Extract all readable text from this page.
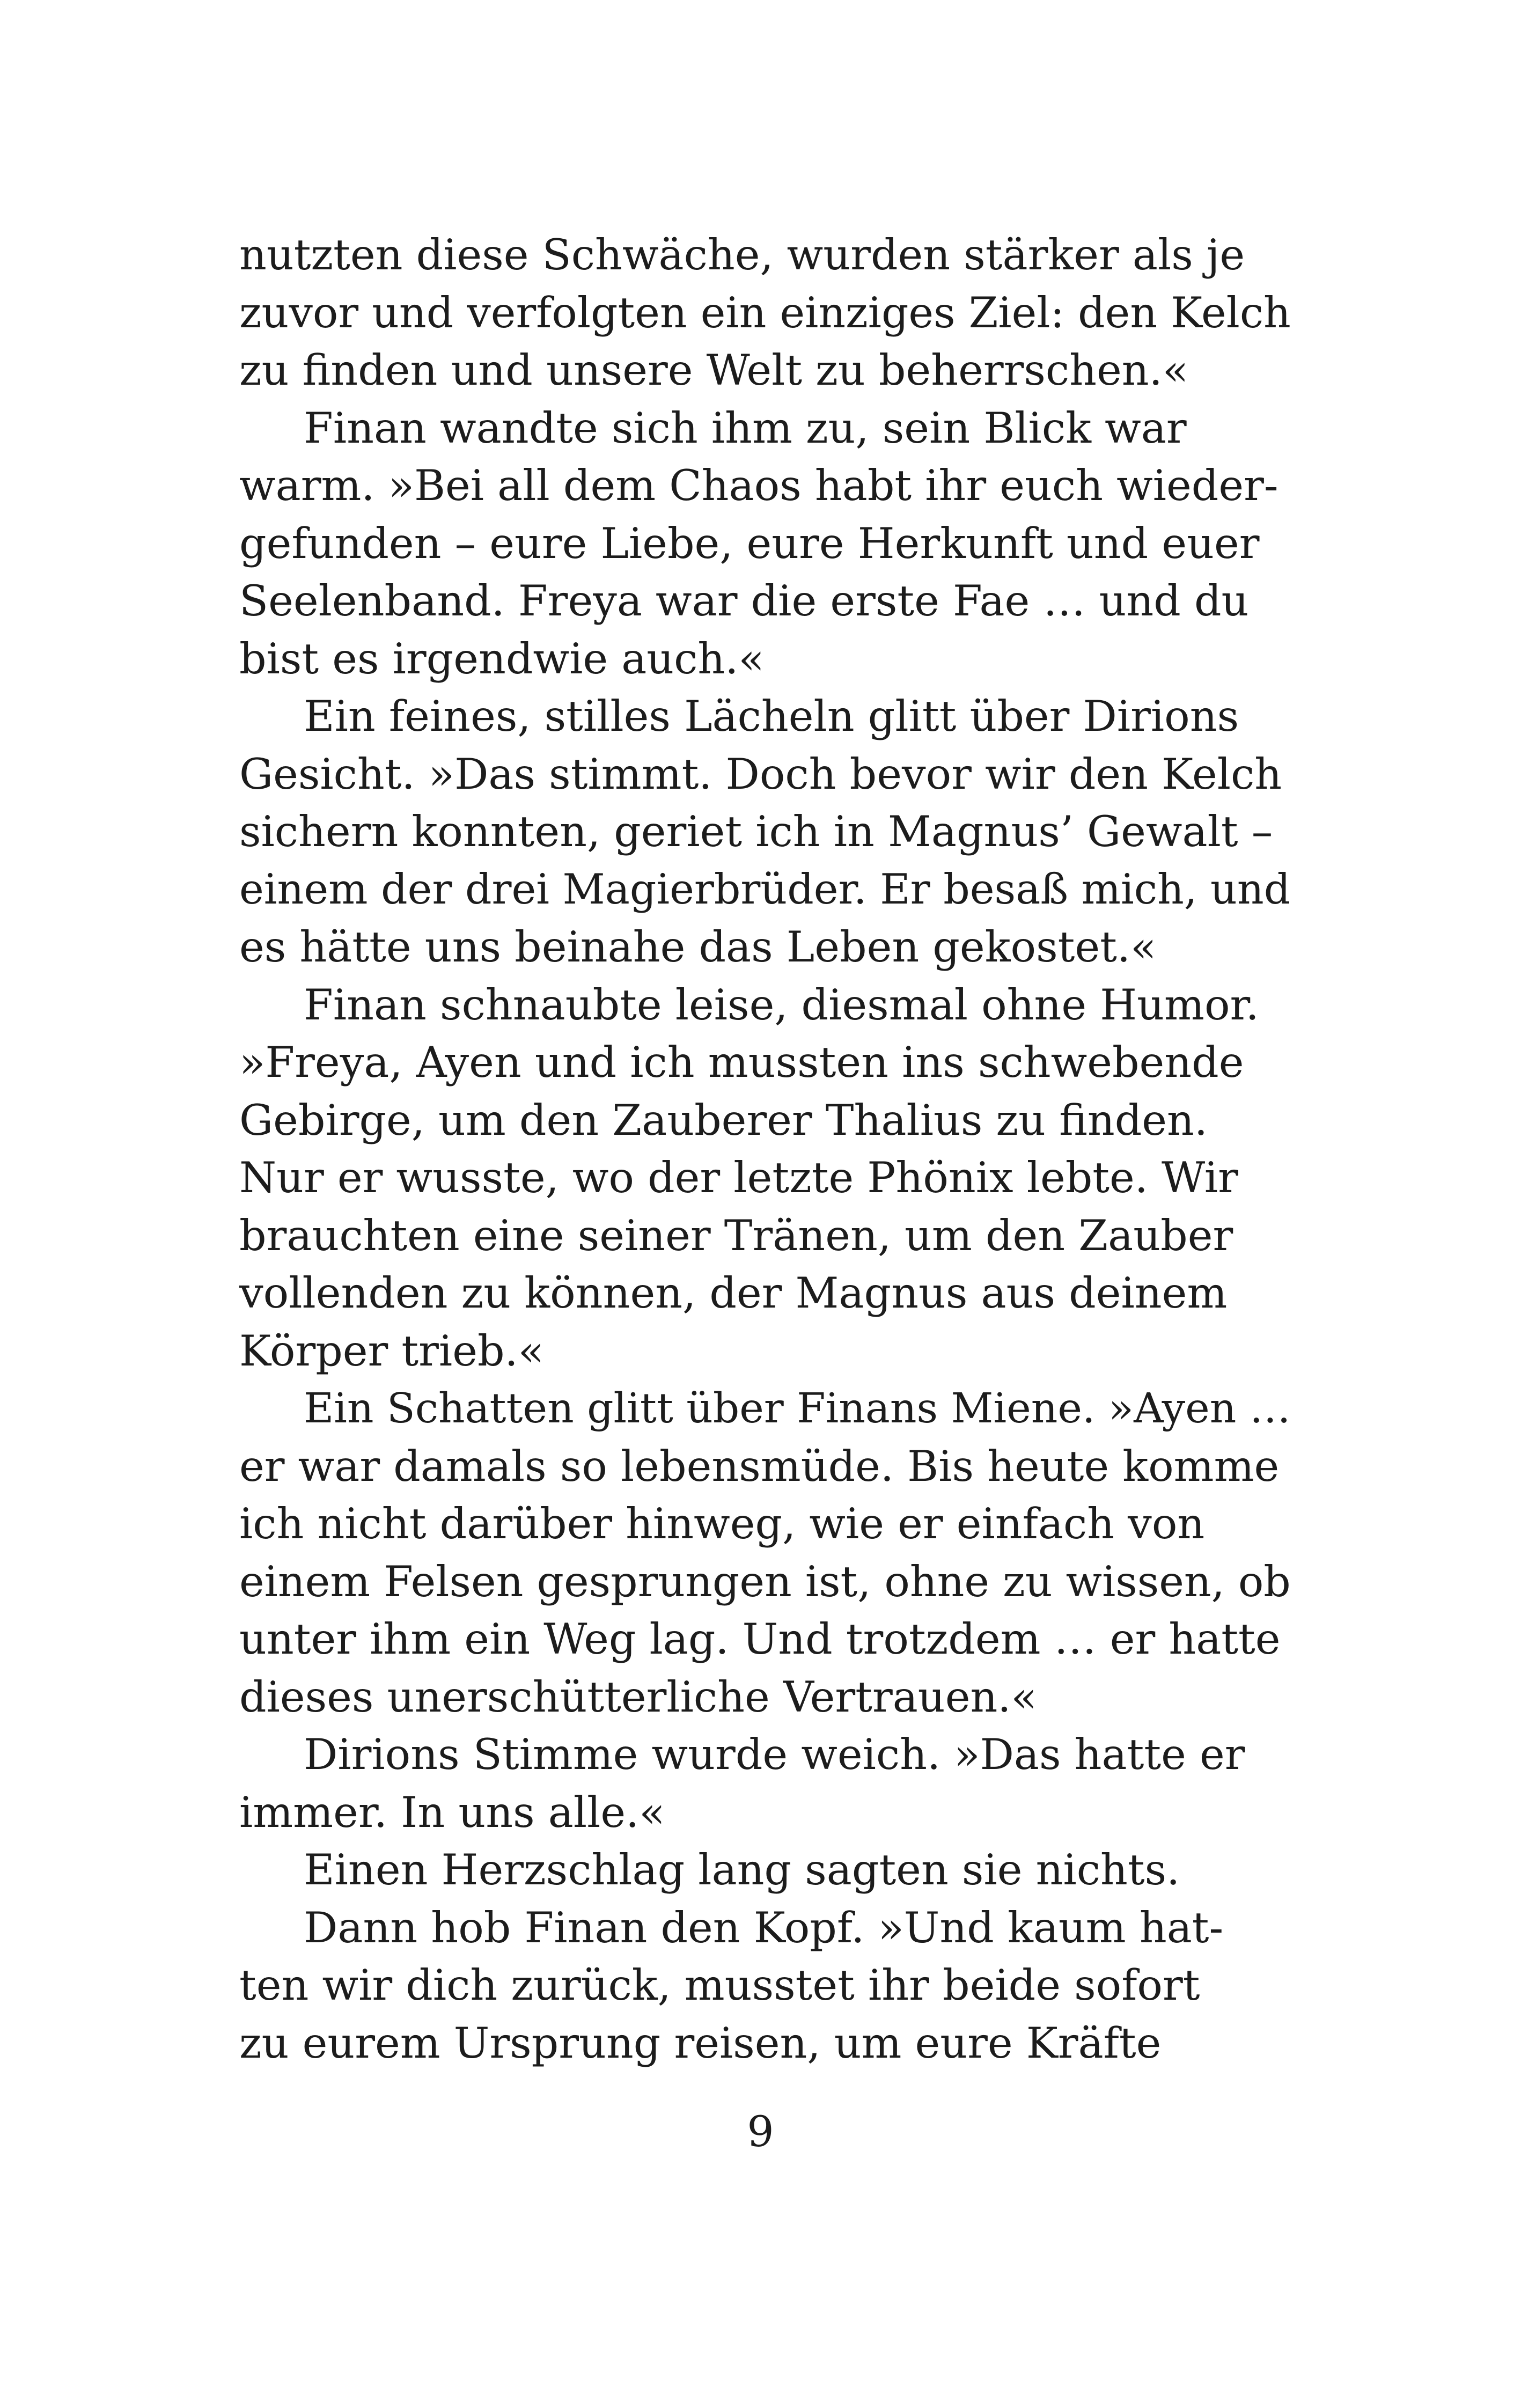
nutzten diese Schwäche, wurden stärker als je
zuvor und verfolgten ein einziges Ziel: den Kelch
zu finden und unsere Welt zu beherrschen.«
Finan wandte sich ihm zu, sein Blick war
warm. »Bei all dem Chaos habt ihr euch wieder-
gefunden – eure Liebe, eure Herkunft und euer
Seelenband. Freya war die erste Fae … und du
bist es irgendwie auch.«
Ein feines, stilles Lächeln glitt über Dirions
Gesicht. »Das stimmt. Doch bevor wir den Kelch
sichern konnten, geriet ich in Magnus’ Gewalt –
einem der drei Magierbrüder. Er besaß mich, und
es hätte uns beinahe das Leben gekostet.«
Finan schnaubte leise, diesmal ohne Humor.
»Freya, Ayen und ich mussten ins schwebende
Gebirge, um den Zauberer Thalius zu finden.
Nur er wusste, wo der letzte Phönix lebte. Wir
brauchten eine seiner Tränen, um den Zauber
vollenden zu können, der Magnus aus deinem
Körper trieb.«
Ein Schatten glitt über Finans Miene. »Ayen …
er war damals so lebensmüde. Bis heute komme
ich nicht darüber hinweg, wie er einfach von
einem Felsen gesprungen ist, ohne zu wissen, ob
unter ihm ein Weg lag. Und trotzdem … er hatte
dieses unerschütterliche Vertrauen.«
Dirions Stimme wurde weich. »Das hatte er
immer. In uns alle.«
Einen Herzschlag lang sagten sie nichts.
Dann hob Finan den Kopf. »Und kaum hat-
ten wir dich zurück, musstet ihr beide sofort
zu eurem Ursprung reisen, um eure Kräfte
9
